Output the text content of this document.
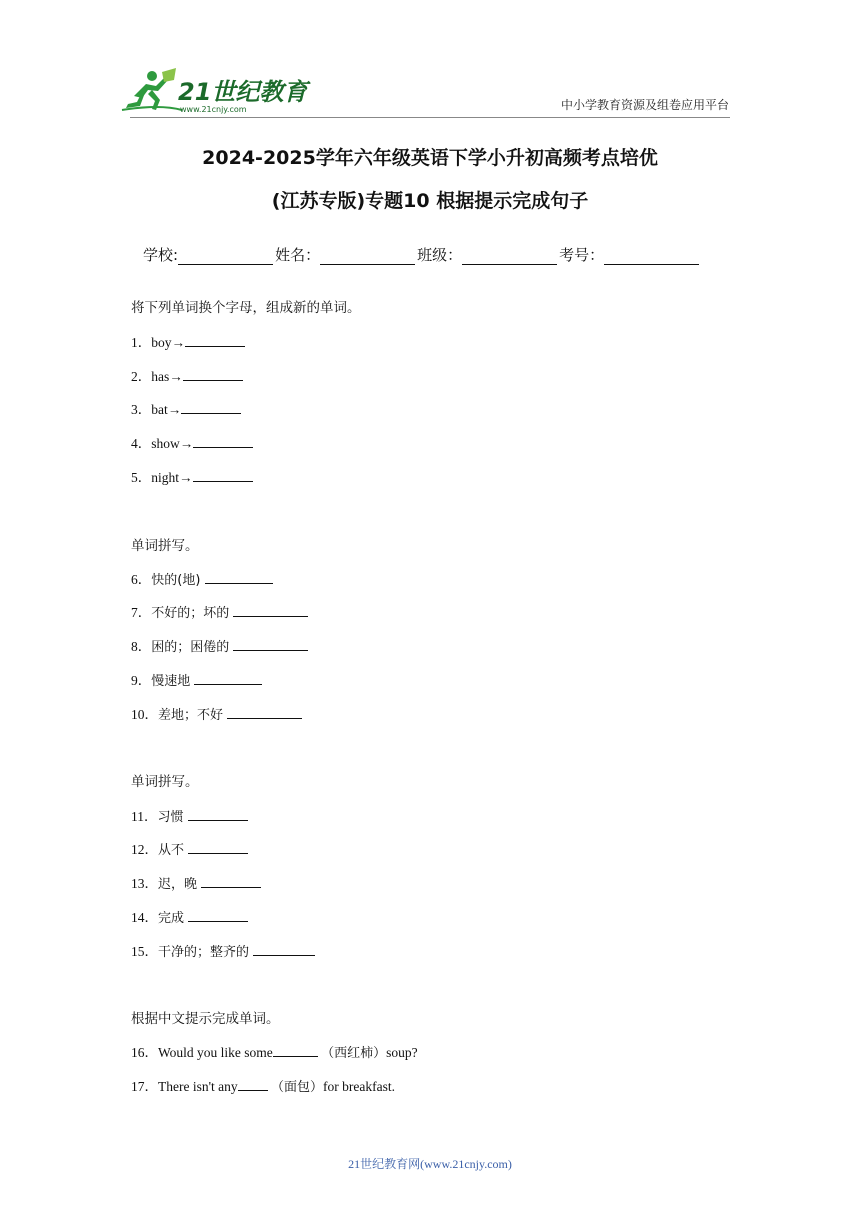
21世纪教育
www.21cnjy.com	中小学教育资源及组卷应用平台
2024-2025学年六年级英语下学小升初高频考点培优
(江苏专版)专题10 根据提示完成句子
学校:	姓名：	班级：	考号：
将下列单词换个字母，组成新的单词。
1．boy→
2．has→
3．bat→
4．show→
5．night→
单词拼写。
6．快的(地)
7．不好的；坏的
8．困的；困倦的
9．慢速地
10．差地；不好
单词拼写。
11．习惯
12．从不
13．迟，晚
14．完成
15．干净的；整齐的
根据中文提示完成单词。
16．Would you like some	（西红柿）soup?
17．There isn't any	（面包）for breakfast.
21世纪教育网(www.21cnjy.com)
